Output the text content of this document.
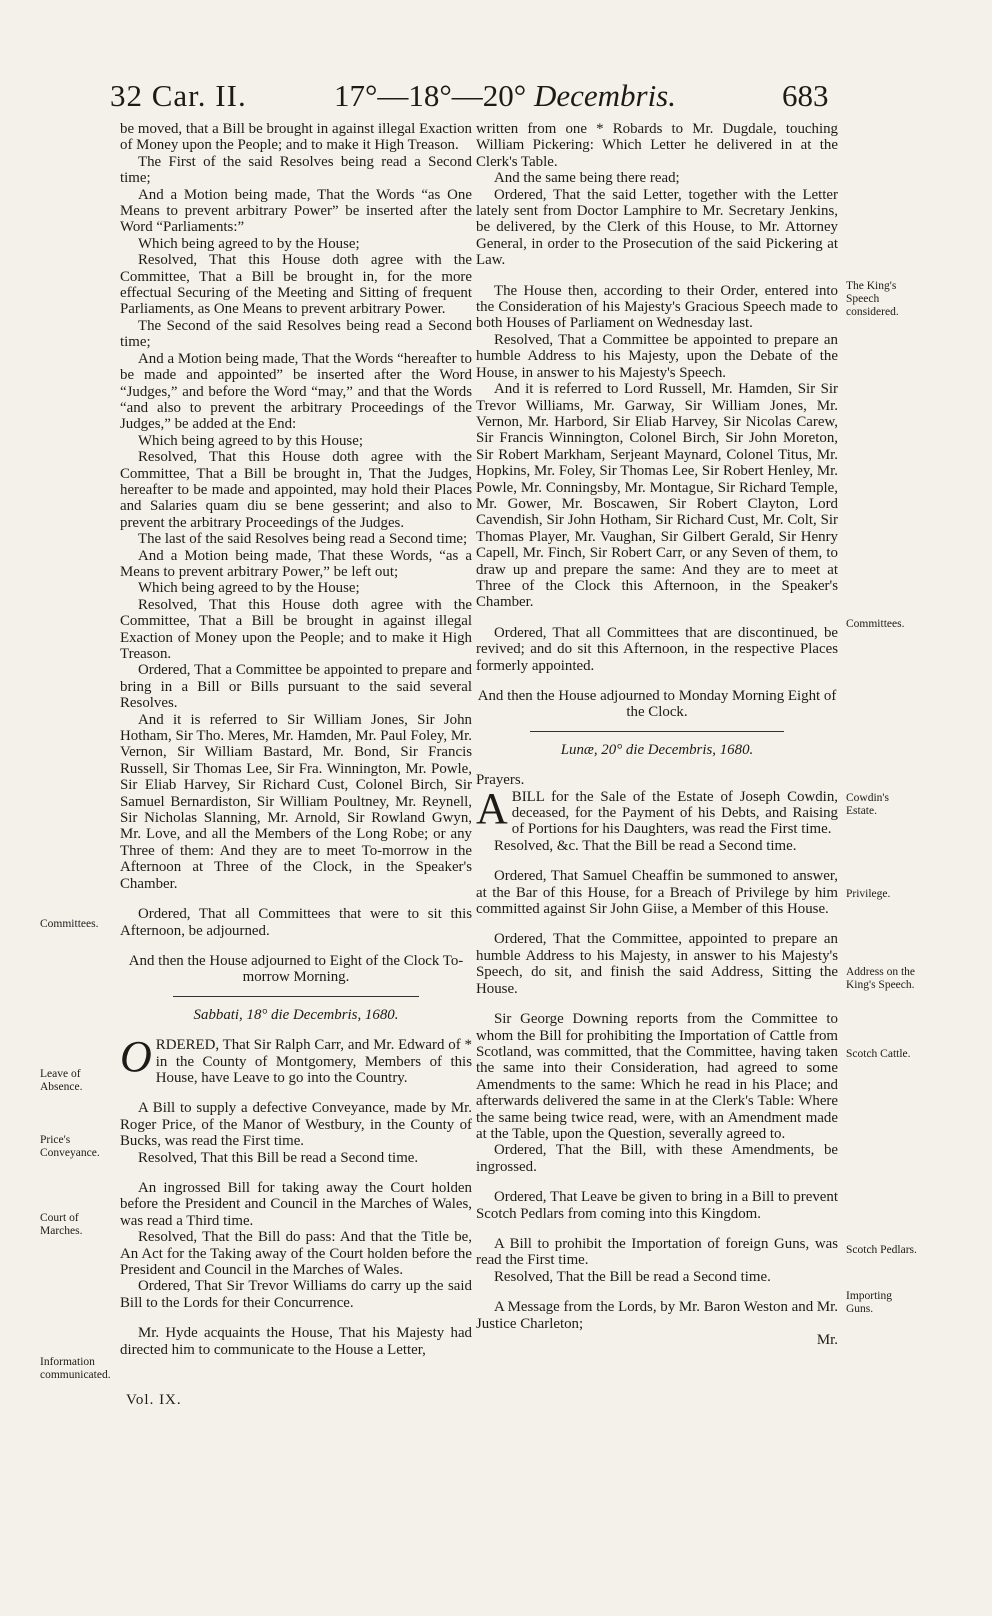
32 Car. II.	17°—18°—20° Decembris.	683

be moved, that a Bill be brought in against illegal Exaction of Money upon the People; and to make it High Treason.

The First of the said Resolves being read a Second time;

And a Motion being made, That the Words “as One Means to prevent arbitrary Power” be inserted after the Word “Parliaments:”

Which being agreed to by the House;

Resolved, That this House doth agree with the Committee, That a Bill be brought in, for the more effectual Securing of the Meeting and Sitting of frequent Parliaments, as One Means to prevent arbitrary Power.

The Second of the said Resolves being read a Second time;

And a Motion being made, That the Words “hereafter to be made and appointed” be inserted after the Word “Judges,” and before the Word “may,” and that the Words “and also to prevent the arbitrary Proceedings of the Judges,” be added at the End:

Which being agreed to by this House;

Resolved, That this House doth agree with the Committee, That a Bill be brought in, That the Judges, hereafter to be made and appointed, may hold their Places and Salaries quam diu se bene gesserint; and also to prevent the arbitrary Proceedings of the Judges.

The last of the said Resolves being read a Second time;

And a Motion being made, That these Words, “as a Means to prevent arbitrary Power,” be left out;

Which being agreed to by the House;

Resolved, That this House doth agree with the Committee, That a Bill be brought in against illegal Exaction of Money upon the People; and to make it High Treason.

Ordered, That a Committee be appointed to prepare and bring in a Bill or Bills pursuant to the said several Resolves.

And it is referred to Sir William Jones, Sir John Hotham, Sir Tho. Meres, Mr. Hamden, Mr. Paul Foley, Mr. Vernon, Sir William Bastard, Mr. Bond, Sir Francis Russell, Sir Thomas Lee, Sir Fra. Winnington, Mr. Powle, Sir Eliab Harvey, Sir Richard Cust, Colonel Birch, Sir Samuel Bernardiston, Sir William Poultney, Mr. Reynell, Sir Nicholas Slanning, Mr. Arnold, Sir Rowland Gwyn, Mr. Love, and all the Members of the Long Robe; or any Three of them: And they are to meet To-morrow in the Afternoon at Three of the Clock, in the Speaker's Chamber.

Ordered, That all Committees that were to sit this Afternoon, be adjourned.

And then the House adjourned to Eight of the Clock To-morrow Morning.

Sabbati, 18° die Decembris, 1680.

ORDERED, That Sir Ralph Carr, and Mr. Edward of * in the County of Montgomery, Members of this House, have Leave to go into the Country.

A Bill to supply a defective Conveyance, made by Mr. Roger Price, of the Manor of Westbury, in the County of Bucks, was read the First time.

Resolved, That this Bill be read a Second time.

An ingrossed Bill for taking away the Court holden before the President and Council in the Marches of Wales, was read a Third time.

Resolved, That the Bill do pass: And that the Title be, An Act for the Taking away of the Court holden before the President and Council in the Marches of Wales.

Ordered, That Sir Trevor Williams do carry up the said Bill to the Lords for their Concurrence.

Mr. Hyde acquaints the House, That his Majesty had directed him to communicate to the House a Letter,

written from one * Robards to Mr. Dugdale, touching William Pickering: Which Letter he delivered in at the Clerk's Table.

And the same being there read;

Ordered, That the said Letter, together with the Letter lately sent from Doctor Lamphire to Mr. Secretary Jenkins, be delivered, by the Clerk of this House, to Mr. Attorney General, in order to the Prosecution of the said Pickering at Law.

The House then, according to their Order, entered into the Consideration of his Majesty's Gracious Speech made to both Houses of Parliament on Wednesday last.

Resolved, That a Committee be appointed to prepare an humble Address to his Majesty, upon the Debate of the House, in answer to his Majesty's Speech.

And it is referred to Lord Russell, Mr. Hamden, Sir Sir Trevor Williams, Mr. Garway, Sir William Jones, Mr. Vernon, Mr. Harbord, Sir Eliab Harvey, Sir Nicolas Carew, Sir Francis Winnington, Colonel Birch, Sir John Moreton, Sir Robert Markham, Serjeant Maynard, Colonel Titus, Mr. Hopkins, Mr. Foley, Sir Thomas Lee, Sir Robert Henley, Mr. Powle, Mr. Conningsby, Mr. Montague, Sir Richard Temple, Mr. Gower, Mr. Boscawen, Sir Robert Clayton, Lord Cavendish, Sir John Hotham, Sir Richard Cust, Mr. Colt, Sir Thomas Player, Mr. Vaughan, Sir Gilbert Gerald, Sir Henry Capell, Mr. Finch, Sir Robert Carr, or any Seven of them, to draw up and prepare the same: And they are to meet at Three of the Clock this Afternoon, in the Speaker's Chamber.

Ordered, That all Committees that are discontinued, be revived; and do sit this Afternoon, in the respective Places formerly appointed.

And then the House adjourned to Monday Morning Eight of the Clock.

Lunæ, 20° die Decembris, 1680.

Prayers.

ABILL for the Sale of the Estate of Joseph Cowdin, deceased, for the Payment of his Debts, and Raising of Portions for his Daughters, was read the First time.

Resolved, &c. That the Bill be read a Second time.

Ordered, That Samuel Cheaffin be summoned to answer, at the Bar of this House, for a Breach of Privilege by him committed against Sir John Giise, a Member of this House.

Ordered, That the Committee, appointed to prepare an humble Address to his Majesty, in answer to his Majesty's Speech, do sit, and finish the said Address, Sitting the House.

Sir George Downing reports from the Committee to whom the Bill for prohibiting the Importation of Cattle from Scotland, was committed, that the Committee, having taken the same into their Consideration, had agreed to some Amendments to the same: Which he read in his Place; and afterwards delivered the same in at the Clerk's Table: Where the same being twice read, were, with an Amendment made at the Table, upon the Question, severally agreed to.

Ordered, That the Bill, with these Amendments, be ingrossed.

Ordered, That Leave be given to bring in a Bill to prevent Scotch Pedlars from coming into this Kingdom.

A Bill to prohibit the Importation of foreign Guns, was read the First time.

Resolved, That the Bill be read a Second time.

A Message from the Lords, by Mr. Baron Weston and Mr. Justice Charleton;

Mr.

Committees.
Leave of Absence.
Price's Conveyance.
Court of Marches.
Information communicated.
The King's Speech considered.
Committees.
Cowdin's Estate.
Privilege.
Address on the King's Speech.
Scotch Cattle.
Scotch Pedlars.
Importing Guns.
Vol. IX.
